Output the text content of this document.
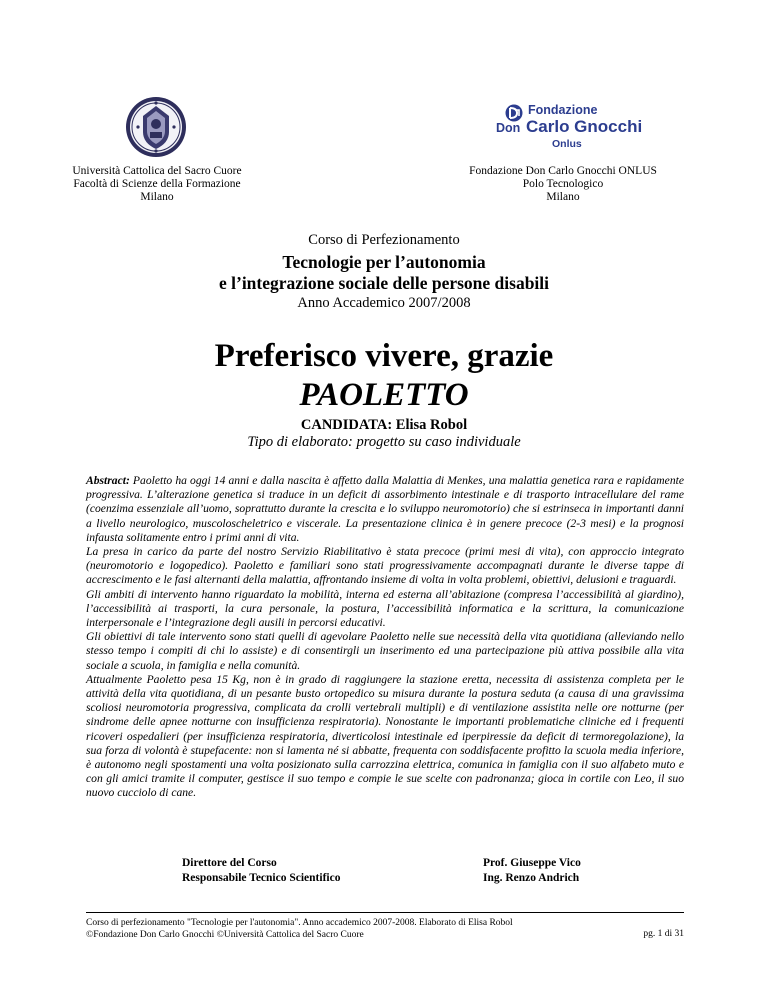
Fondazione
Don Carlo Gnocchi
Onlus
Università Cattolica del Sacro Cuore
Facoltà di Scienze della Formazione
Milano
Fondazione Don Carlo Gnocchi ONLUS
Polo Tecnologico
Milano
Corso di Perfezionamento
Tecnologie per l’autonomia
e l’integrazione sociale delle persone disabili
Anno Accademico 2007/2008
Preferisco vivere, grazie
PAOLETTO
CANDIDATA: Elisa Robol
Tipo di elaborato: progetto su caso individuale

Abstract: Paoletto ha oggi 14 anni e dalla nascita è affetto dalla Malattia di Menkes, una malattia genetica rara e rapidamente progressiva. L’alterazione genetica si traduce in un deficit di assorbimento intestinale e di trasporto intracellulare del rame (coenzima essenziale all’uomo, soprattutto durante la crescita e lo sviluppo neuromotorio) che si estrinseca in importanti danni a livello neurologico, muscoloscheletrico e viscerale. La presentazione clinica è in genere precoce (2-3 mesi) e la prognosi infausta solitamente entro i primi anni di vita.

La presa in carico da parte del nostro Servizio Riabilitativo è stata precoce (primi mesi di vita), con approccio integrato (neuromotorio e logopedico). Paoletto e familiari sono stati progressivamente accompagnati durante le diverse tappe di accrescimento e le fasi alternanti della malattia, affrontando insieme di volta in volta problemi, obiettivi, delusioni e traguardi.

Gli ambiti di intervento hanno riguardato la mobilità, interna ed esterna all’abitazione (compresa l’accessibilità al giardino), l’accessibilità ai trasporti, la cura personale, la postura, l’accessibilità informatica e la scrittura, la comunicazione interpersonale e l’integrazione degli ausili in percorsi educativi.

Gli obiettivi di tale intervento sono stati quelli di agevolare Paoletto nelle sue necessità della vita quotidiana (alleviando nello stesso tempo i compiti di chi lo assiste) e di consentirgli un inserimento ed una partecipazione più attiva possibile alla vita sociale a scuola, in famiglia e nella comunità.

Attualmente Paoletto pesa 15 Kg, non è in grado di raggiungere la stazione eretta, necessita di assistenza completa per le attività della vita quotidiana, di un pesante busto ortopedico su misura durante la postura seduta (a causa di una gravissima scoliosi neuromotoria progressiva, complicata da crolli vertebrali multipli) e di ventilazione assistita nelle ore notturne (per sindrome delle apnee notturne con insufficienza respiratoria). Nonostante le importanti problematiche cliniche ed i frequenti ricoveri ospedalieri (per insufficienza respiratoria, diverticolosi intestinale ed iperpiressie da deficit di termoregolazione), la sua forza di volontà è stupefacente: non si lamenta né si abbatte, frequenta con soddisfacente profitto la scuola media inferiore, è autonomo negli spostamenti una volta posizionato sulla carrozzina elettrica, comunica in famiglia con il suo alfabeto muto e con gli amici tramite il computer, gestisce il suo tempo e compie le sue scelte con padronanza; gioca in cortile con Leo, il suo nuovo cucciolo di cane.

Direttore del Corso
Responsabile Tecnico Scientifico
Prof. Giuseppe Vico
Ing. Renzo Andrich
Corso di perfezionamento "Tecnologie per l'autonomia". Anno accademico 2007-2008. Elaborato di Elisa Robol
©Fondazione Don Carlo Gnocchi ©Università Cattolica del Sacro Cuore	pg. 1 di 31
